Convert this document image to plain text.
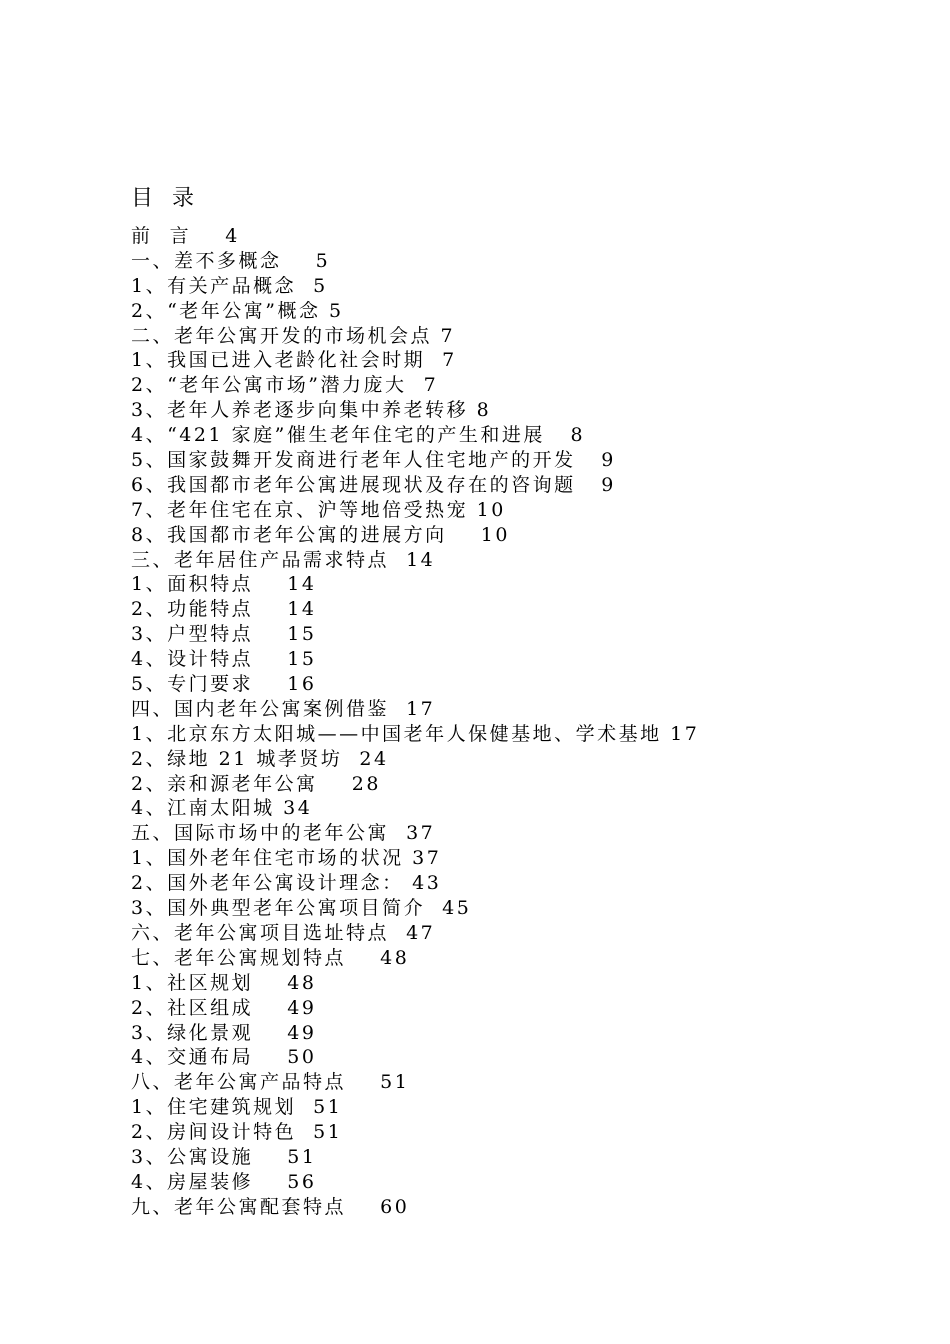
目 录
前  言    4
一、差不多概念    5
1、有关产品概念  5
2、“老年公寓”概念 5
二、老年公寓开发的市场机会点 7
1、我国已进入老龄化社会时期  7
2、“老年公寓市场”潜力庞大  7
3、老年人养老逐步向集中养老转移 8
4、“421 家庭”催生老年住宅的产生和进展   8
5、国家鼓舞开发商进行老年人住宅地产的开发   9
6、我国都市老年公寓进展现状及存在的咨询题   9
7、老年住宅在京、沪等地倍受热宠 10
8、我国都市老年公寓的进展方向    10
三、老年居住产品需求特点  14
1、面积特点    14
2、功能特点    14
3、户型特点    15
4、设计特点    15
5、专门要求    16
四、国内老年公寓案例借鉴  17
1、北京东方太阳城——中国老年人保健基地、学术基地 17
2、绿地 21 城孝贤坊  24
2、亲和源老年公寓    28
4、江南太阳城 34
五、国际市场中的老年公寓  37
1、国外老年住宅市场的状况 37
2、国外老年公寓设计理念： 43
3、国外典型老年公寓项目简介  45
六、老年公寓项目选址特点  47
七、老年公寓规划特点    48
1、社区规划    48
2、社区组成    49
3、绿化景观    49
4、交通布局    50
八、老年公寓产品特点    51
1、住宅建筑规划  51
2、房间设计特色  51
3、公寓设施    51
4、房屋装修    56
九、老年公寓配套特点    60
